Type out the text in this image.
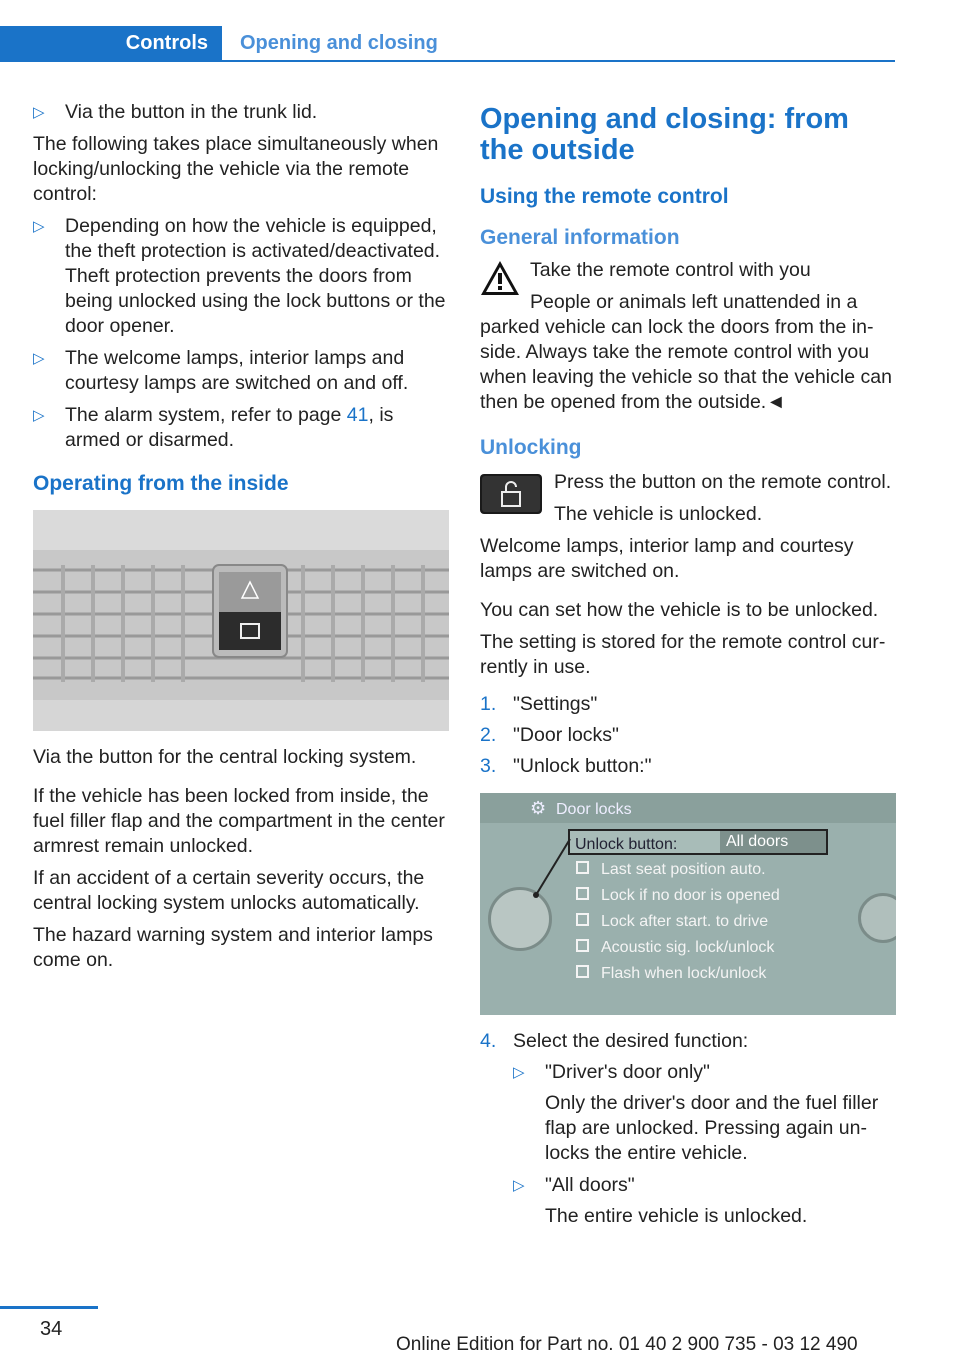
Controls	Opening and closing
▷ Via the button in the trunk lid.

The following takes place simultaneously when locking/unlocking the vehicle via the remote control:

▷ Depending on how the vehicle is equipped, the theft protection is activated/deactivated. Theft protection prevents the doors from being unlocked using the lock buttons or the door opener.
▷ The welcome lamps, interior lamps and courtesy lamps are switched on and off.
▷ The alarm system, refer to page 41, is armed or disarmed.
Operating from the inside

Via the button for the central locking system.

If the vehicle has been locked from inside, the fuel filler flap and the compartment in the center armrest remain unlocked.

If an accident of a certain severity occurs, the central locking system unlocks automatically.

The hazard warning system and interior lamps come on.

Opening and closing: from the outside
Using the remote control
General information

Take the remote control with you

People or animals left unattended in a parked vehicle can lock the doors from the in-side. Always take the remote control with you when leaving the vehicle so that the vehicle can then be opened from the outside.◄

Unlocking

Press the button on the remote control.

The vehicle is unlocked.

Welcome lamps, interior lamp and courtesy lamps are switched on.

You can set how the vehicle is to be unlocked.

The setting is stored for the remote control cur-rently in use.

1. "Settings"
2. "Door locks"
3. "Unlock button:"
⚙ Door locks
Unlock button:	All doors
Last seat position auto.
Lock if no door is opened
Lock after start. to drive
Acoustic sig. lock/unlock
Flash when lock/unlock
4. Select the desired function:
▷ "Driver's door only"
Only the driver's door and the fuel filler flap are unlocked. Pressing again un-locks the entire vehicle.
▷ "All doors"
The entire vehicle is unlocked.
34
Online Edition for Part no. 01 40 2 900 735 - 03 12 490
